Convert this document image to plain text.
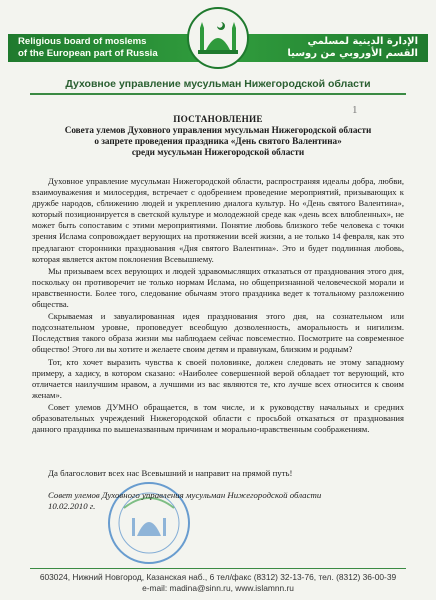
Religious board of moslems
of the European part of Russia
الإدارة الدينية لمسلمي
القسم الأوروبي من روسيا
Духовное управление мусульман Нижегородской области
1
ПОСТАНОВЛЕНИЕ
Совета улемов Духовного управления мусульман Нижегородской области
о запрете проведения праздника «День святого Валентина»
среди мусульман Нижегородской области

Духовное управление мусульман Нижегородской области, распространяя идеалы добра, любви, взаимоуважения и милосердия, встречает с одобрением проведение мероприятий, призывающих к дружбе народов, сближению людей и укреплению диалога культур. Но «День святого Валентина», который позиционируется в светской культуре и молодежной среде как «день всех влюбленных», не может быть сопоставим с этими мероприятиями. Понятие любовь близкого тебе человека с точки зрения Ислама сопровождает верующих на протяжении всей жизни, а не только 14 февраля, как это предлагают сторонники празднования «Дня святого Валентина». Это и будет подлинная любовь, которая является актом поклонения Всевышнему.

Мы призываем всех верующих и людей здравомыслящих отказаться от празднования этого дня, поскольку он противоречит не только нормам Ислама, но общепризнанной человеческой морали и нравственности. Более того, следование обычаям этого праздника ведет к тотальному разложению общества.

Скрываемая и завуалированная идея празднования этого дня, на сознательном или подсознательном уровне, проповедует всеобщую дозволенность, аморальность и нигилизм. Последствия такого образа жизни мы наблюдаем сейчас повсеместно. Посмотрите на современное общество! Этого ли вы хотите и желаете своим детям и правнукам, близким и родным?

Тот, кто хочет выразить чувства к своей половинке, должен следовать не этому западному примеру, а хадису, в котором сказано: «Наиболее совершенной верой обладает тот верующий, кто отличается наилучшим нравом, а лучшими из вас являются те, кто лучше всех относится к своим женам».

Совет улемов ДУМНО обращается, в том числе, и к руководству начальных и средних образовательных учреждений Нижегородской области с просьбой отказаться от празднования данного праздника по вышеназванным причинам и морально-нравственным соображениям.

Да благословит всех нас Всевышний и направит на прямой путь!
Совет улемов Духовного управления мусульман Нижегородской области
10.02.2010 г.
603024, Нижний Новгород, Казанская наб., 6 тел/факс (8312) 32-13-76, тел. (8312) 36-00-39
e-mail: madina@sinn.ru, www.islamnn.ru
